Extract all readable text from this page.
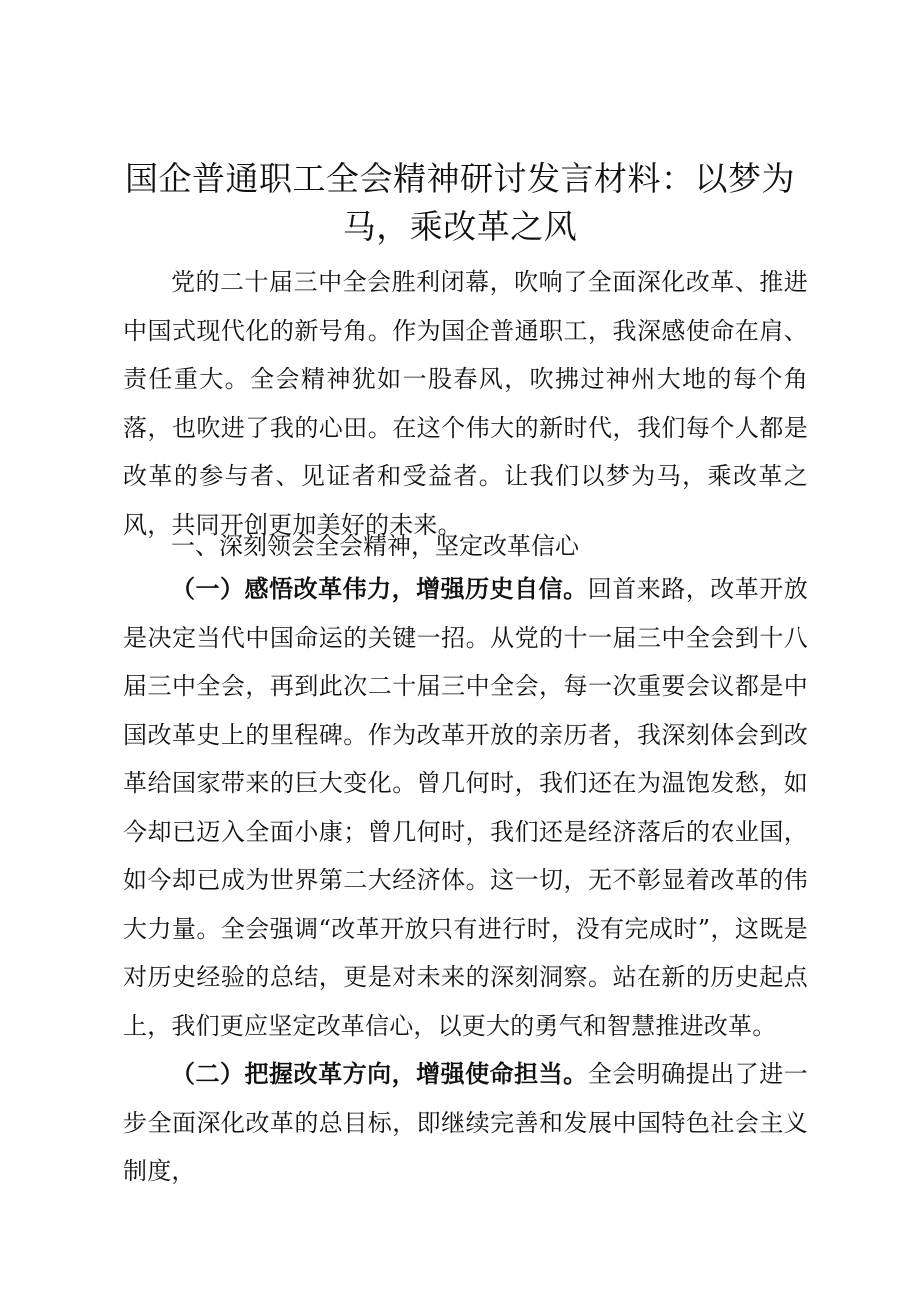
国企普通职工全会精神研讨发言材料：以梦为马，乘改革之风

党的二十届三中全会胜利闭幕，吹响了全面深化改革、推进中国式现代化的新号角。作为国企普通职工，我深感使命在肩、责任重大。全会精神犹如一股春风，吹拂过神州大地的每个角落，也吹进了我的心田。在这个伟大的新时代，我们每个人都是改革的参与者、见证者和受益者。让我们以梦为马，乘改革之风，共同开创更加美好的未来。

一、深刻领会全会精神，坚定改革信心

（一）感悟改革伟力，增强历史自信。回首来路，改革开放是决定当代中国命运的关键一招。从党的十一届三中全会到十八届三中全会，再到此次二十届三中全会，每一次重要会议都是中国改革史上的里程碑。作为改革开放的亲历者，我深刻体会到改革给国家带来的巨大变化。曾几何时，我们还在为温饱发愁，如今却已迈入全面小康；曾几何时，我们还是经济落后的农业国，如今却已成为世界第二大经济体。这一切，无不彰显着改革的伟大力量。全会强调“改革开放只有进行时，没有完成时”，这既是对历史经验的总结，更是对未来的深刻洞察。站在新的历史起点上，我们更应坚定改革信心，以更大的勇气和智慧推进改革。

（二）把握改革方向，增强使命担当。全会明确提出了进一步全面深化改革的总目标，即继续完善和发展中国特色社会主义制度，
